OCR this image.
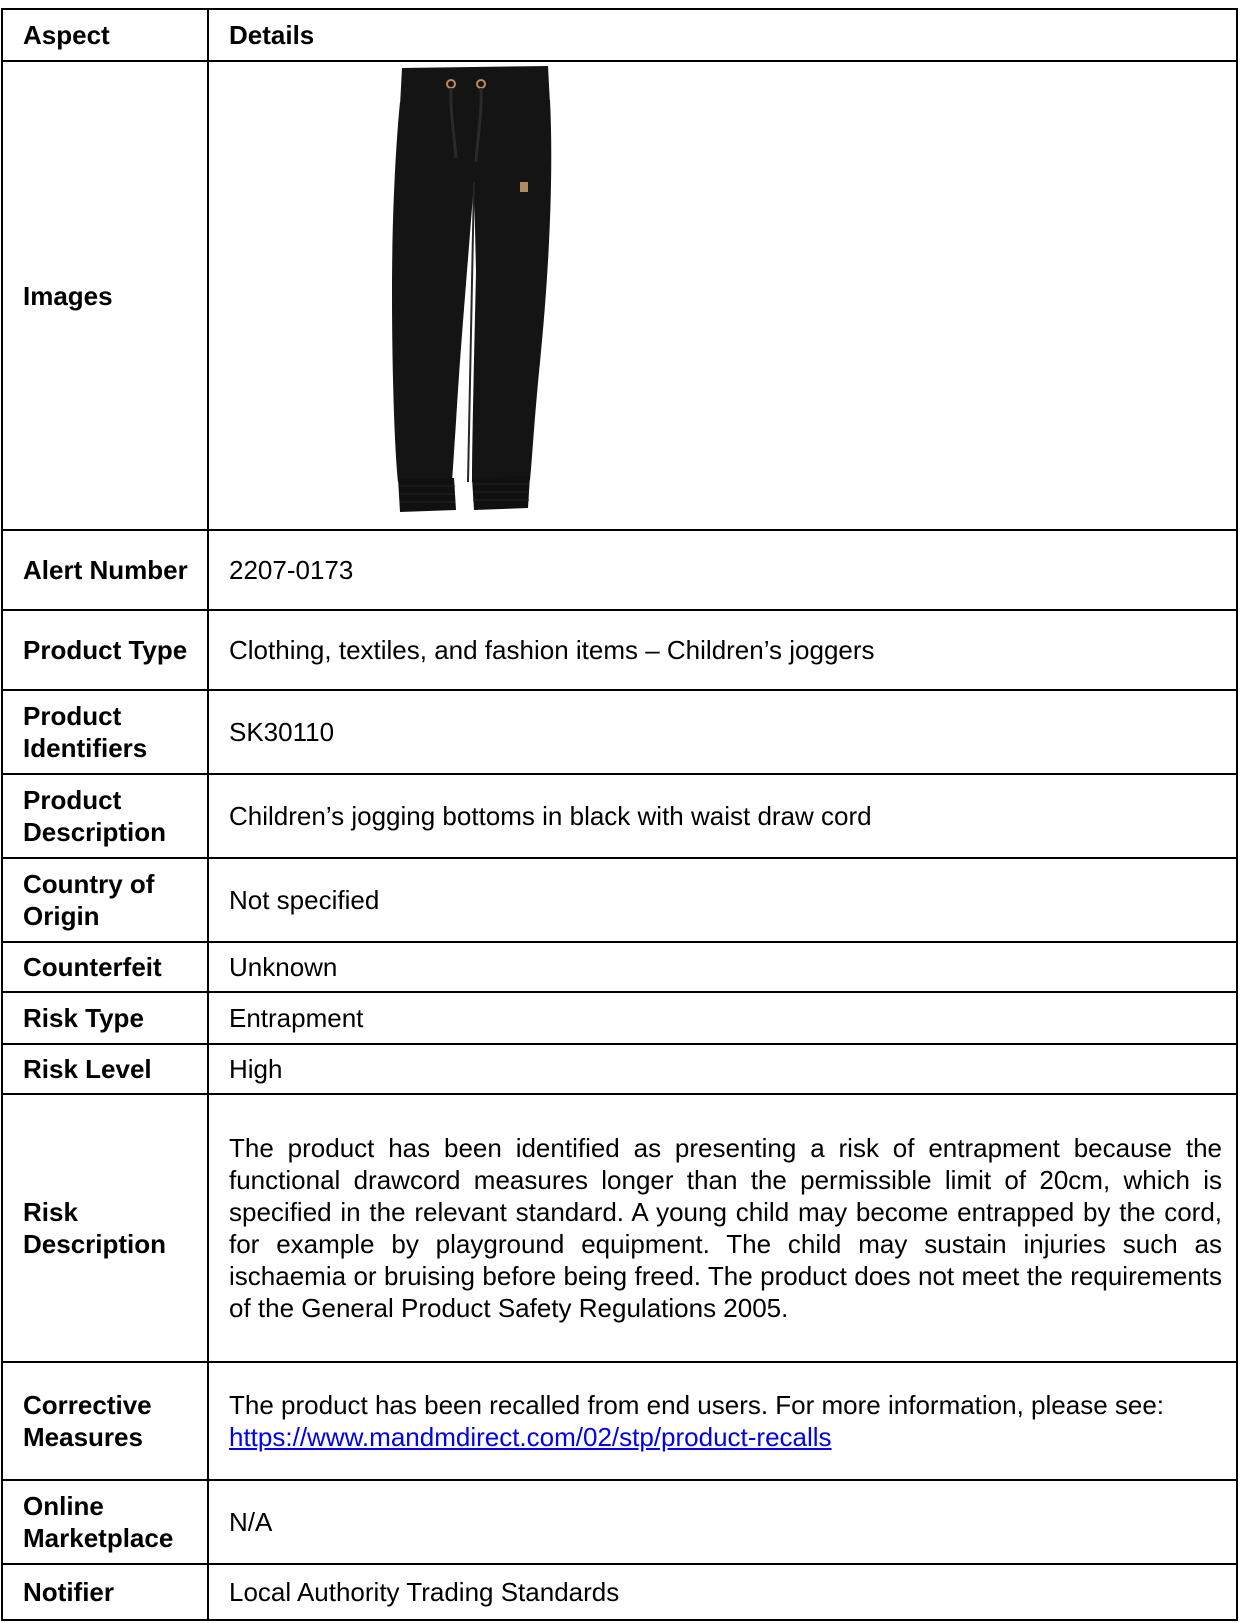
Aspect	Details
Images	

Alert Number	2207-0173
Product Type	Clothing, textiles, and fashion items – Children’s joggers
Product Identifiers	SK30110
Product Description	Children’s jogging bottoms in black with waist draw cord
Country of Origin	Not specified
Counterfeit	Unknown
Risk Type	Entrapment
Risk Level	High
Risk Description	The product has been identified as presenting a risk of entrapment because the functional drawcord measures longer than the permissible limit of 20cm, which is specified in the relevant standard. A young child may become entrapped by the cord, for example by playground equipment. The child may sustain injuries such as ischaemia or bruising before being freed. The product does not meet the requirements of the General Product Safety Regulations 2005.
Corrective Measures	The product has been recalled from end users. For more information, please see: https://www.mandmdirect.com/02/stp/product-recalls
Online Marketplace	N/A
Notifier	Local Authority Trading Standards
